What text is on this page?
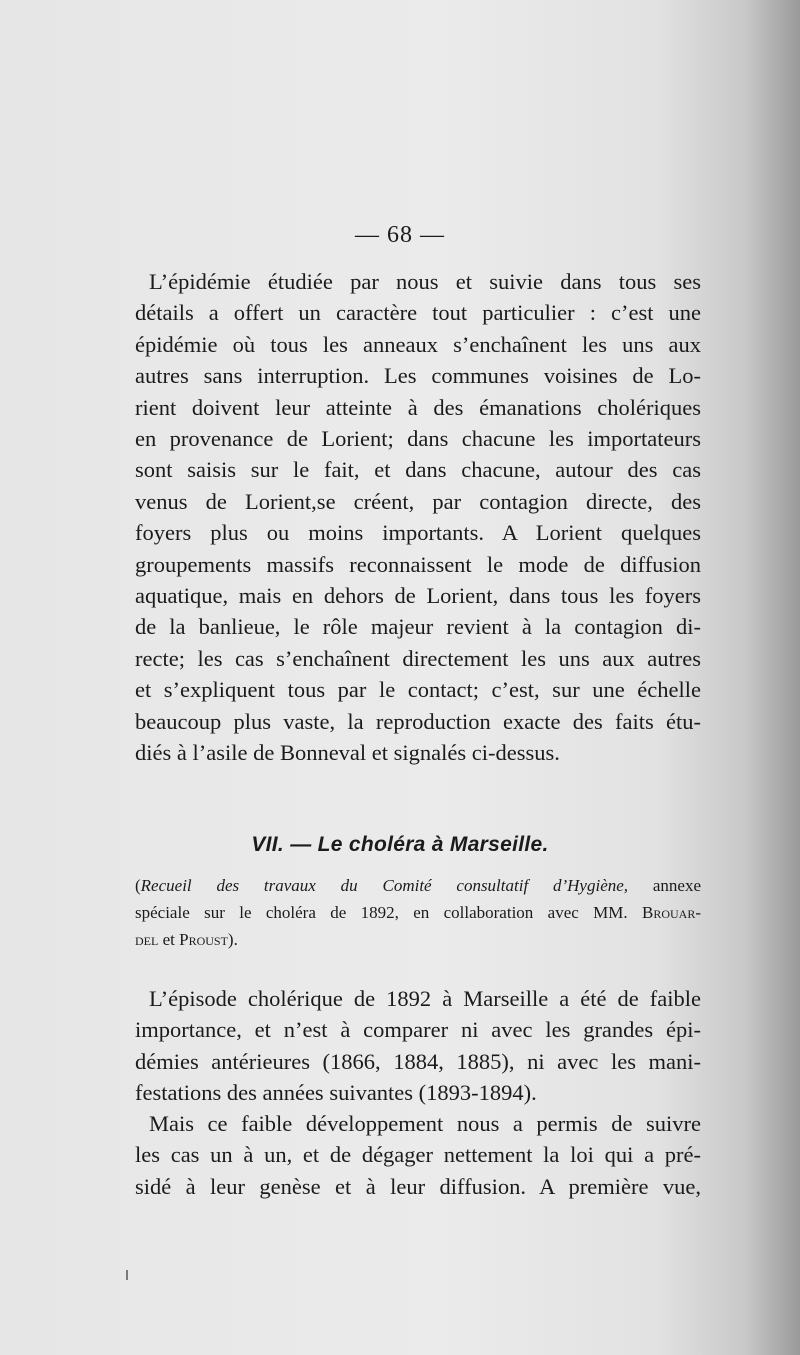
— 68 —
L’épidémie étudiée par nous et suivie dans tous ses
détails a offert un caractère tout particulier : c’est une
épidémie où tous les anneaux s’enchaînent les uns aux
autres sans interruption. Les communes voisines de Lo-
rient doivent leur atteinte à des émanations cholériques
en provenance de Lorient; dans chacune les importateurs
sont saisis sur le fait, et dans chacune, autour des cas
venus de Lorient,se créent, par contagion directe, des
foyers plus ou moins importants. A Lorient quelques
groupements massifs reconnaissent le mode de diffusion
aquatique, mais en dehors de Lorient, dans tous les foyers
de la banlieue, le rôle majeur revient à la contagion di-
recte; les cas s’enchaînent directement les uns aux autres
et s’expliquent tous par le contact; c’est, sur une échelle
beaucoup plus vaste, la reproduction exacte des faits étu-
diés à l’asile de Bonneval et signalés ci-dessus.
VII. — Le choléra à Marseille.
(Recueil des travaux du Comité consultatif d’Hygiène, annexe
spéciale sur le choléra de 1892, en collaboration avec MM. Brouar-
del et Proust).
L’épisode cholérique de 1892 à Marseille a été de faible
importance, et n’est à comparer ni avec les grandes épi-
démies antérieures (1866, 1884, 1885), ni avec les mani-
festations des années suivantes (1893-1894).
Mais ce faible développement nous a permis de suivre
les cas un à un, et de dégager nettement la loi qui a pré-
sidé à leur genèse et à leur diffusion. A première vue,
